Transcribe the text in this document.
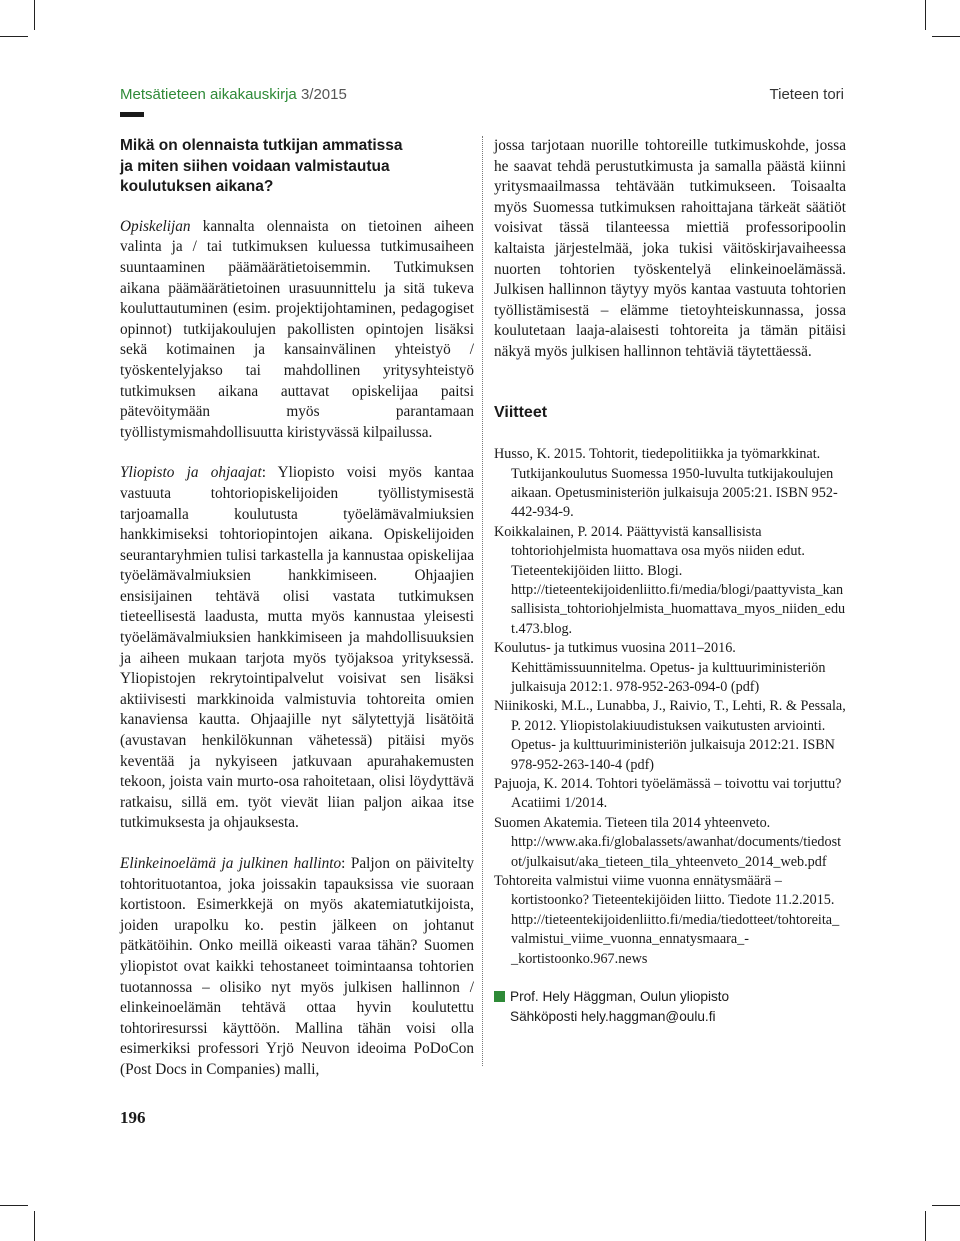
Metsätieteen aikakauskirja 3/2015	Tieteen tori
Mikä on olennaista tutkijan ammatissa
ja miten siihen voidaan valmistautua
koulutuksen aikana?

Opiskelijan kannalta olennaista on tietoinen aiheen valinta ja / tai tutkimuksen kuluessa tutkimusaiheen suuntaaminen päämäärätietoisemmin. Tutkimuksen aikana päämäärätietoinen urasuunnittelu ja sitä tukeva kouluttautuminen (esim. projektijohtaminen, pedagogiset opinnot) tutkijakoulujen pakollisten opintojen lisäksi sekä kotimainen ja kansainvälinen yhteistyö / työskentelyjakso tai mahdollinen yritysyhteistyö tutkimuksen aikana auttavat opiskelijaa paitsi pätevöitymään myös parantamaan työllistymismahdollisuutta kiristyvässä kilpailussa.

Yliopisto ja ohjaajat: Yliopisto voisi myös kantaa vastuuta tohtoriopiskelijoiden työllistymisestä tarjoamalla koulutusta työelämävalmiuksien hankkimiseksi tohtoriopintojen aikana. Opiskelijoiden seurantaryhmien tulisi tarkastella ja kannustaa opiskelijaa työelämävalmiuksien hankkimiseen. Ohjaajien ensisijainen tehtävä olisi vastata tutkimuksen tieteellisestä laadusta, mutta myös kannustaa yleisesti työelämävalmiuksien hankkimiseen ja mahdollisuuksien ja aiheen mukaan tarjota myös työjaksoa yrityksessä. Yliopistojen rekrytointipalvelut voisivat sen lisäksi aktiivisesti markkinoida valmistuvia tohtoreita omien kanaviensa kautta. Ohjaajille nyt sälytettyjä lisätöitä (avustavan henkilökunnan vähetessä) pitäisi myös keventää ja nykyiseen jatkuvaan apurahakemusten tekoon, joista vain murto-osa rahoitetaan, olisi löydyttävä ratkaisu, sillä em. työt vievät liian paljon aikaa itse tutkimuksesta ja ohjauksesta.

Elinkeinoelämä ja julkinen hallinto: Paljon on päivitelty tohtorituotantoa, joka joissakin tapauksissa vie suoraan kortistoon. Esimerkkejä on myös akatemiatutkijoista, joiden urapolku ko. pestin jälkeen on johtanut pätkätöihin. Onko meillä oikeasti varaa tähän? Suomen yliopistot ovat kaikki tehostaneet toimintaansa tohtorien tuotannossa – olisiko nyt myös julkisen hallinnon / elinkeinoelämän tehtävä ottaa hyvin koulutettu tohtoriresurssi käyttöön. Mallina tähän voisi olla esimerkiksi professori Yrjö Neuvon ideoima PoDoCon (Post Docs in Companies) malli,

jossa tarjotaan nuorille tohtoreille tutkimuskohde, jossa he saavat tehdä perustutkimusta ja samalla päästä kiinni yritysmaailmassa tehtävään tutkimukseen. Toisaalta myös Suomessa tutkimuksen rahoittajana tärkeät säätiöt voisivat tässä tilanteessa miettiä professoripoolin kaltaista järjestelmää, joka tukisi väitöskirjavaiheessa nuorten tohtorien työskentelyä elinkeinoelämässä. Julkisen hallinnon täytyy myös kantaa vastuuta tohtorien työllistämisestä – elämme tietoyhteiskunnassa, jossa koulutetaan laaja-alaisesti tohtoreita ja tämän pitäisi näkyä myös julkisen hallinnon tehtäviä täytettäessä.

Viitteet
Husso, K. 2015. Tohtorit, tiedepolitiikka ja työmarkkinat. Tutkijankoulutus Suomessa 1950-luvulta tutkijakoulujen aikaan. Opetusministeriön julkaisuja 2005:21. ISBN 952-442-934-9.
Koikkalainen, P. 2014. Päättyvistä kansallisista tohtoriohjelmista huomattava osa myös niiden edut. Tieteentekijöiden liitto. Blogi. http://tieteentekijoidenliitto.fi/media/blogi/paattyvista_kansallisista_tohtoriohjelmista_huomattava_myos_niiden_edut.473.blog.
Koulutus- ja tutkimus vuosina 2011–2016. Kehittämissuunnitelma. Opetus- ja kulttuuriministeriön julkaisuja 2012:1. 978-952-263-094-0 (pdf)
Niinikoski, M.L., Lunabba, J., Raivio, T., Lehti, R. & Pessala, P. 2012. Yliopistolakiuudistuksen vaikutusten arviointi. Opetus- ja kulttuuriministeriön julkaisuja 2012:21. ISBN 978-952-263-140-4 (pdf)
Pajuoja, K. 2014. Tohtori työelämässä – toivottu vai torjuttu? Acatiimi 1/2014.
Suomen Akatemia. Tieteen tila 2014 yhteenveto. http://www.aka.fi/globalassets/awanhat/documents/tiedostot/julkaisut/aka_tieteen_tila_yhteenveto_2014_web.pdf
Tohtoreita valmistui viime vuonna ennätysmäärä – kortistoonko? Tieteentekijöiden liitto. Tiedote 11.2.2015. http://tieteentekijoidenliitto.fi/media/tiedotteet/tohtoreita_valmistui_viime_vuonna_ennatysmaara_-_kortistoonko.967.news
Prof. Hely Häggman, Oulun yliopisto
Sähköposti hely.haggman@oulu.fi
196
